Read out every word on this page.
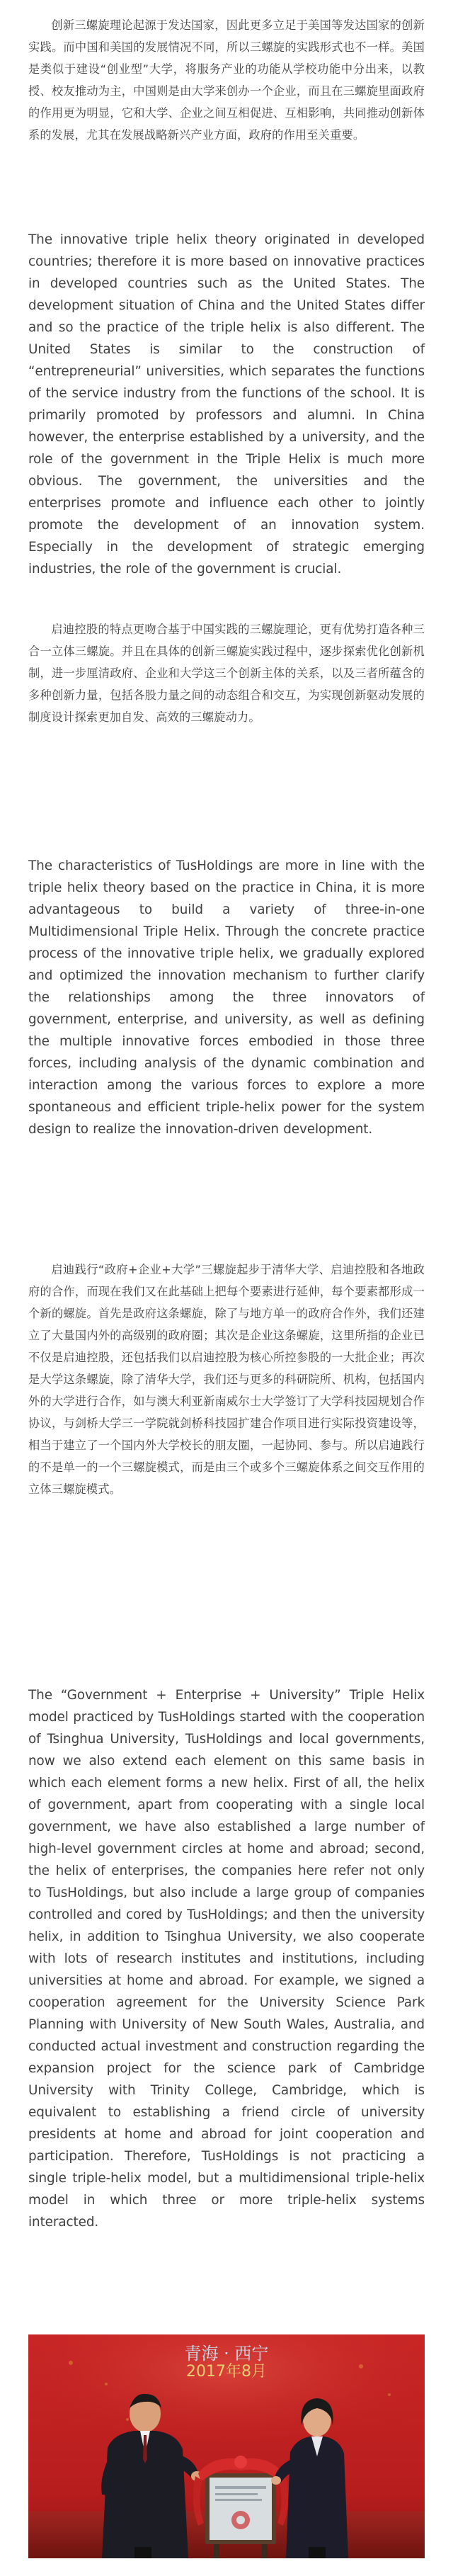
创新三螺旋理论起源于发达国家，因此更多立足于美国等发达国家的创新实践。而中国和美国的发展情况不同，所以三螺旋的实践形式也不一样。美国是类似于建设“创业型”大学，将服务产业的功能从学校功能中分出来，以教授、校友推动为主，中国则是由大学来创办一个企业，而且在三螺旋里面政府的作用更为明显，它和大学、企业之间互相促进、互相影响，共同推动创新体系的发展，尤其在发展战略新兴产业方面，政府的作用至关重要。

The innovative triple helix theory originated in developed countries; therefore it is more based on innovative practices in developed countries such as the United States. The development situation of China and the United States differ and so the practice of the triple helix is also different. The United States is similar to the construction of “entrepreneurial” universities, which separates the functions of the service industry from the functions of the school. It is primarily promoted by professors and alumni. In China however, the enterprise established by a university, and the role of the government in the Triple Helix is much more obvious. The government, the universities and the enterprises promote and influence each other to jointly promote the development of an innovation system. Especially in the development of strategic emerging industries, the role of the government is crucial.

启迪控股的特点更吻合基于中国实践的三螺旋理论，更有优势打造各种三合一立体三螺旋。并且在具体的创新三螺旋实践过程中，逐步探索优化创新机制，进一步厘清政府、企业和大学这三个创新主体的关系，以及三者所蕴含的多种创新力量，包括各股力量之间的动态组合和交互，为实现创新驱动发展的制度设计探索更加自发、高效的三螺旋动力。

The characteristics of TusHoldings are more in line with the triple helix theory based on the practice in China, it is more advantageous to build a variety of three-in-one Multidimensional Triple Helix. Through the concrete practice process of the innovative triple helix, we gradually explored and optimized the innovation mechanism to further clarify the relationships among the three innovators of government, enterprise, and university, as well as defining the multiple innovative forces embodied in those three forces, including analysis of the dynamic combination and interaction among the various forces to explore a more spontaneous and efficient triple-helix power for the system design to realize the innovation-driven development.

启迪践行“政府+企业+大学”三螺旋起步于清华大学、启迪控股和各地政府的合作，而现在我们又在此基础上把每个要素进行延伸，每个要素都形成一个新的螺旋。首先是政府这条螺旋，除了与地方单一的政府合作外，我们还建立了大量国内外的高级别的政府圈；其次是企业这条螺旋，这里所指的企业已不仅是启迪控股，还包括我们以启迪控股为核心所控参股的一大批企业；再次是大学这条螺旋，除了清华大学，我们还与更多的科研院所、机构，包括国内外的大学进行合作，如与澳大利亚新南威尔士大学签订了大学科技园规划合作协议，与剑桥大学三一学院就剑桥科技园扩建合作项目进行实际投资建设等，相当于建立了一个国内外大学校长的朋友圈，一起协同、参与。所以启迪践行的不是单一的一个三螺旋模式，而是由三个或多个三螺旋体系之间交互作用的立体三螺旋模式。

The “Government + Enterprise + University” Triple Helix model practiced by TusHoldings started with the cooperation of Tsinghua University, TusHoldings and local governments, now we also extend each element on this same basis in which each element forms a new helix. First of all, the helix of government, apart from cooperating with a single local government, we have also established a large number of high-level government circles at home and abroad; second, the helix of enterprises, the companies here refer not only to TusHoldings, but also include a large group of companies controlled and cored by TusHoldings; and then the university helix, in addition to Tsinghua University, we also cooperate with lots of research institutes and institutions, including universities at home and abroad. For example, we signed a cooperation agreement for the University Science Park Planning with University of New South Wales, Australia, and conducted actual investment and construction regarding the expansion project for the science park of Cambridge University with Trinity College, Cambridge, which is equivalent to establishing a friend circle of university presidents at home and abroad for joint cooperation and participation. Therefore, TusHoldings is not practicing a single triple-helix model, but a multidimensional triple-helix model in which three or more triple-helix systems interacted.

青海 · 西宁
2017年8月
